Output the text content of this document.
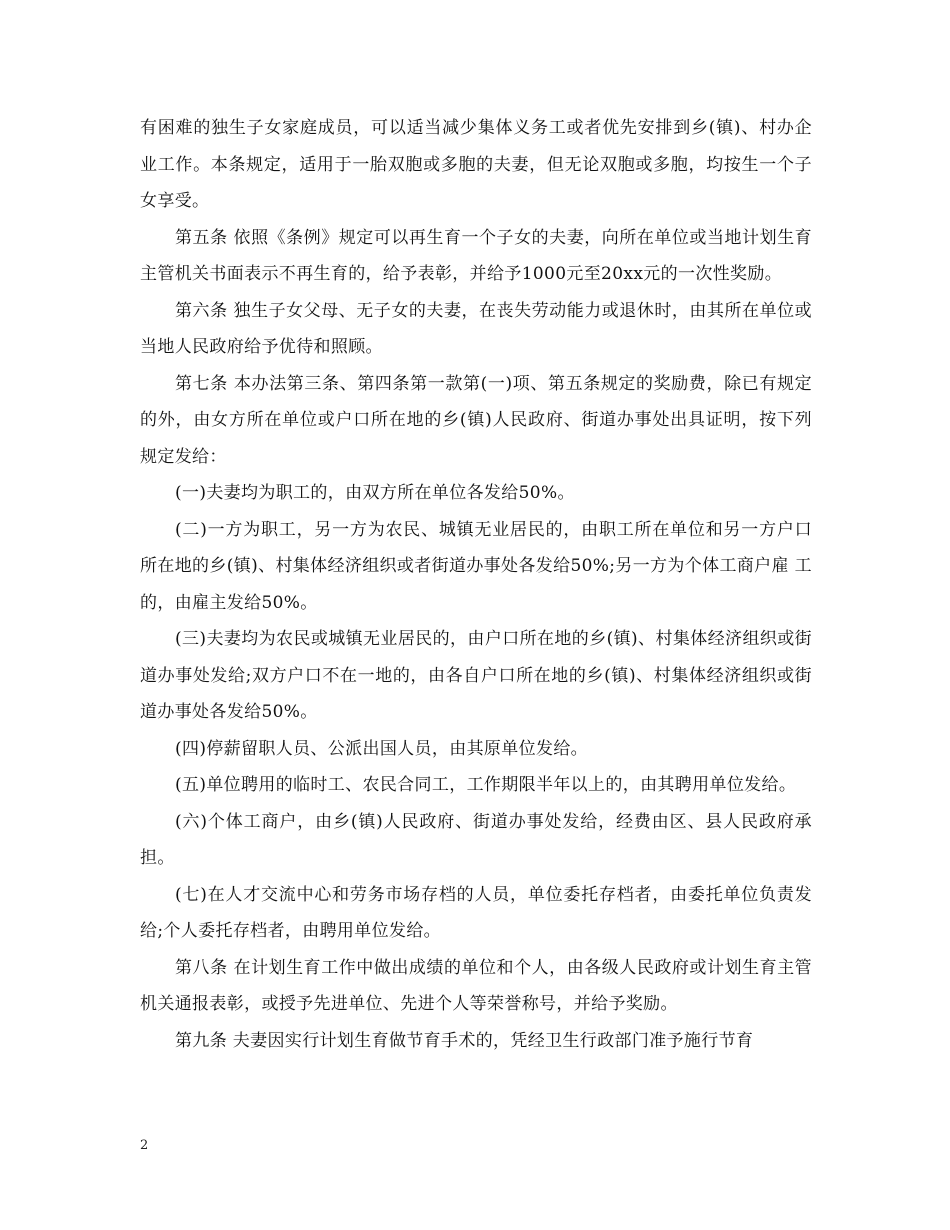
有困难的独生子女家庭成员，可以适当减少集体义务工或者优先安排到乡(镇)、村办企 业工作。本条规定，适用于一胎双胞或多胞的夫妻，但无论双胞或多胞，均按生一个子女享受。

第五条 依照《条例》规定可以再生育一个子女的夫妻，向所在单位或当地计划生育主管机关书面表示不再生育的，给予表彰，并给予1000元至20xx元的一次性奖励。

第六条 独生子女父母、无子女的夫妻，在丧失劳动能力或退休时，由其所在单位或当地人民政府给予优待和照顾。

第七条 本办法第三条、第四条第一款第(一)项、第五条规定的奖励费，除已有规定 的外，由女方所在单位或户口所在地的乡(镇)人民政府、街道办事处出具证明，按下列规定发给：

(一)夫妻均为职工的，由双方所在单位各发给50%。

(二)一方为职工，另一方为农民、城镇无业居民的，由职工所在单位和另一方户口所在地的乡(镇)、村集体经济组织或者街道办事处各发给50%;另一方为个体工商户雇 工的，由雇主发给50%。

(三)夫妻均为农民或城镇无业居民的，由户口所在地的乡(镇)、村集体经济组织或街道办事处发给;双方户口不在一地的，由各自户口所在地的乡(镇)、村集体经济组织或街道办事处各发给50%。

(四)停薪留职人员、公派出国人员，由其原单位发给。

(五)单位聘用的临时工、农民合同工，工作期限半年以上的，由其聘用单位发给。

(六)个体工商户，由乡(镇)人民政府、街道办事处发给，经费由区、县人民政府承担。

(七)在人才交流中心和劳务市场存档的人员，单位委托存档者，由委托单位负责发给;个人委托存档者，由聘用单位发给。

第八条 在计划生育工作中做出成绩的单位和个人，由各级人民政府或计划生育主管机关通报表彰，或授予先进单位、先进个人等荣誉称号，并给予奖励。

第九条 夫妻因实行计划生育做节育手术的，凭经卫生行政部门准予施行节育

2
